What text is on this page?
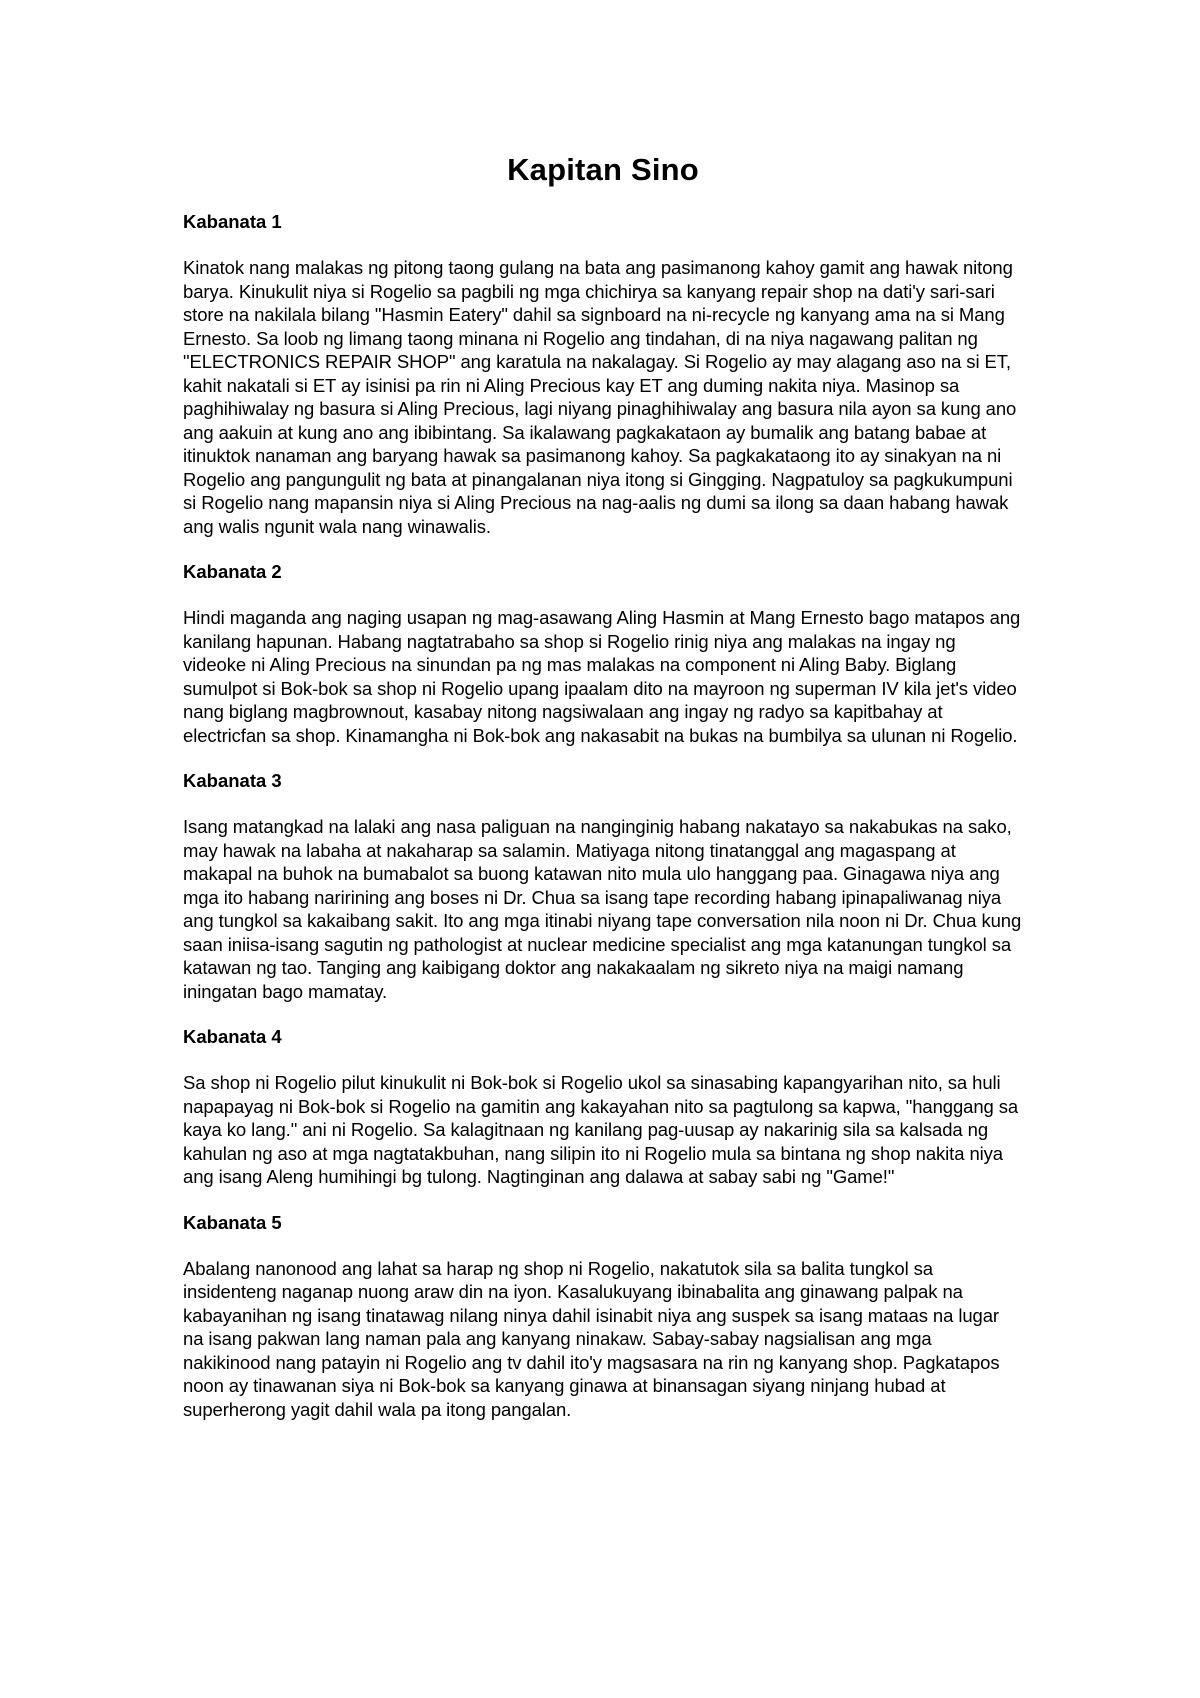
Kapitan Sino
Kabanata 1

Kinatok nang malakas ng pitong taong gulang na bata ang pasimanong kahoy gamit ang hawak nitong barya. Kinukulit niya si Rogelio sa pagbili ng mga chichirya sa kanyang repair shop na dati'y sari-sari store na nakilala bilang "Hasmin Eatery" dahil sa signboard na ni-recycle ng kanyang ama na si Mang Ernesto. Sa loob ng limang taong minana ni Rogelio ang tindahan, di na niya nagawang palitan ng "ELECTRONICS REPAIR SHOP" ang karatula na nakalagay. Si Rogelio ay may alagang aso na si ET, kahit nakatali si ET ay isinisi pa rin ni Aling Precious kay ET ang duming nakita niya. Masinop sa paghihiwalay ng basura si Aling Precious, lagi niyang pinaghihiwalay ang basura nila ayon sa kung ano ang aakuin at kung ano ang ibibintang. Sa ikalawang pagkakataon ay bumalik ang batang babae at itinuktok nanaman ang baryang hawak sa pasimanong kahoy. Sa pagkakataong ito ay sinakyan na ni Rogelio ang pangungulit ng bata at pinangalanan niya itong si Gingging. Nagpatuloy sa pagkukumpuni si Rogelio nang mapansin niya si Aling Precious na nag-aalis ng dumi sa ilong sa daan habang hawak ang walis ngunit wala nang winawalis.

Kabanata 2

Hindi maganda ang naging usapan ng mag-asawang Aling Hasmin at Mang Ernesto bago matapos ang kanilang hapunan. Habang nagtatrabaho sa shop si Rogelio rinig niya ang malakas na ingay ng videoke ni Aling Precious na sinundan pa ng mas malakas na component ni Aling Baby. Biglang sumulpot si Bok-bok sa shop ni Rogelio upang ipaalam dito na mayroon ng superman IV kila jet's video nang biglang magbrownout, kasabay nitong nagsiwalaan ang ingay ng radyo sa kapitbahay at electricfan sa shop. Kinamangha ni Bok-bok ang nakasabit na bukas na bumbilya sa ulunan ni Rogelio.

Kabanata 3

Isang matangkad na lalaki ang nasa paliguan na nanginginig habang nakatayo sa nakabukas na sako, may hawak na labaha at nakaharap sa salamin. Matiyaga nitong tinatanggal ang magaspang at makapal na buhok na bumabalot sa buong katawan nito mula ulo hanggang paa. Ginagawa niya ang mga ito habang naririning ang boses ni Dr. Chua sa isang tape recording habang ipinapaliwanag niya ang tungkol sa kakaibang sakit. Ito ang mga itinabi niyang tape conversation nila noon ni Dr. Chua kung saan iniisa-isang sagutin ng pathologist at nuclear medicine specialist ang mga katanungan tungkol sa katawan ng tao. Tanging ang kaibigang doktor ang nakakaalam ng sikreto niya na maigi namang iningatan bago mamatay.

Kabanata 4

Sa shop ni Rogelio pilut kinukulit ni Bok-bok si Rogelio ukol sa sinasabing kapangyarihan nito, sa huli napapayag ni Bok-bok si Rogelio na gamitin ang kakayahan nito sa pagtulong sa kapwa, "hanggang sa kaya ko lang." ani ni Rogelio. Sa kalagitnaan ng kanilang pag-uusap ay nakarinig sila sa kalsada ng kahulan ng aso at mga nagtatakbuhan, nang silipin ito ni Rogelio mula sa bintana ng shop nakita niya ang isang Aleng humihingi bg tulong. Nagtinginan ang dalawa at sabay sabi ng "Game!"

Kabanata 5

Abalang nanonood ang lahat sa harap ng shop ni Rogelio, nakatutok sila sa balita tungkol sa insidenteng naganap nuong araw din na iyon. Kasalukuyang ibinabalita ang ginawang palpak na kabayanihan ng isang tinatawag nilang ninya dahil isinabit niya ang suspek sa isang mataas na lugar na isang pakwan lang naman pala ang kanyang ninakaw. Sabay-sabay nagsialisan ang mga nakikinood nang patayin ni Rogelio ang tv dahil ito'y magsasara na rin ng kanyang shop. Pagkatapos noon ay tinawanan siya ni Bok-bok sa kanyang ginawa at binansagan siyang ninjang hubad at superherong yagit dahil wala pa itong pangalan.
